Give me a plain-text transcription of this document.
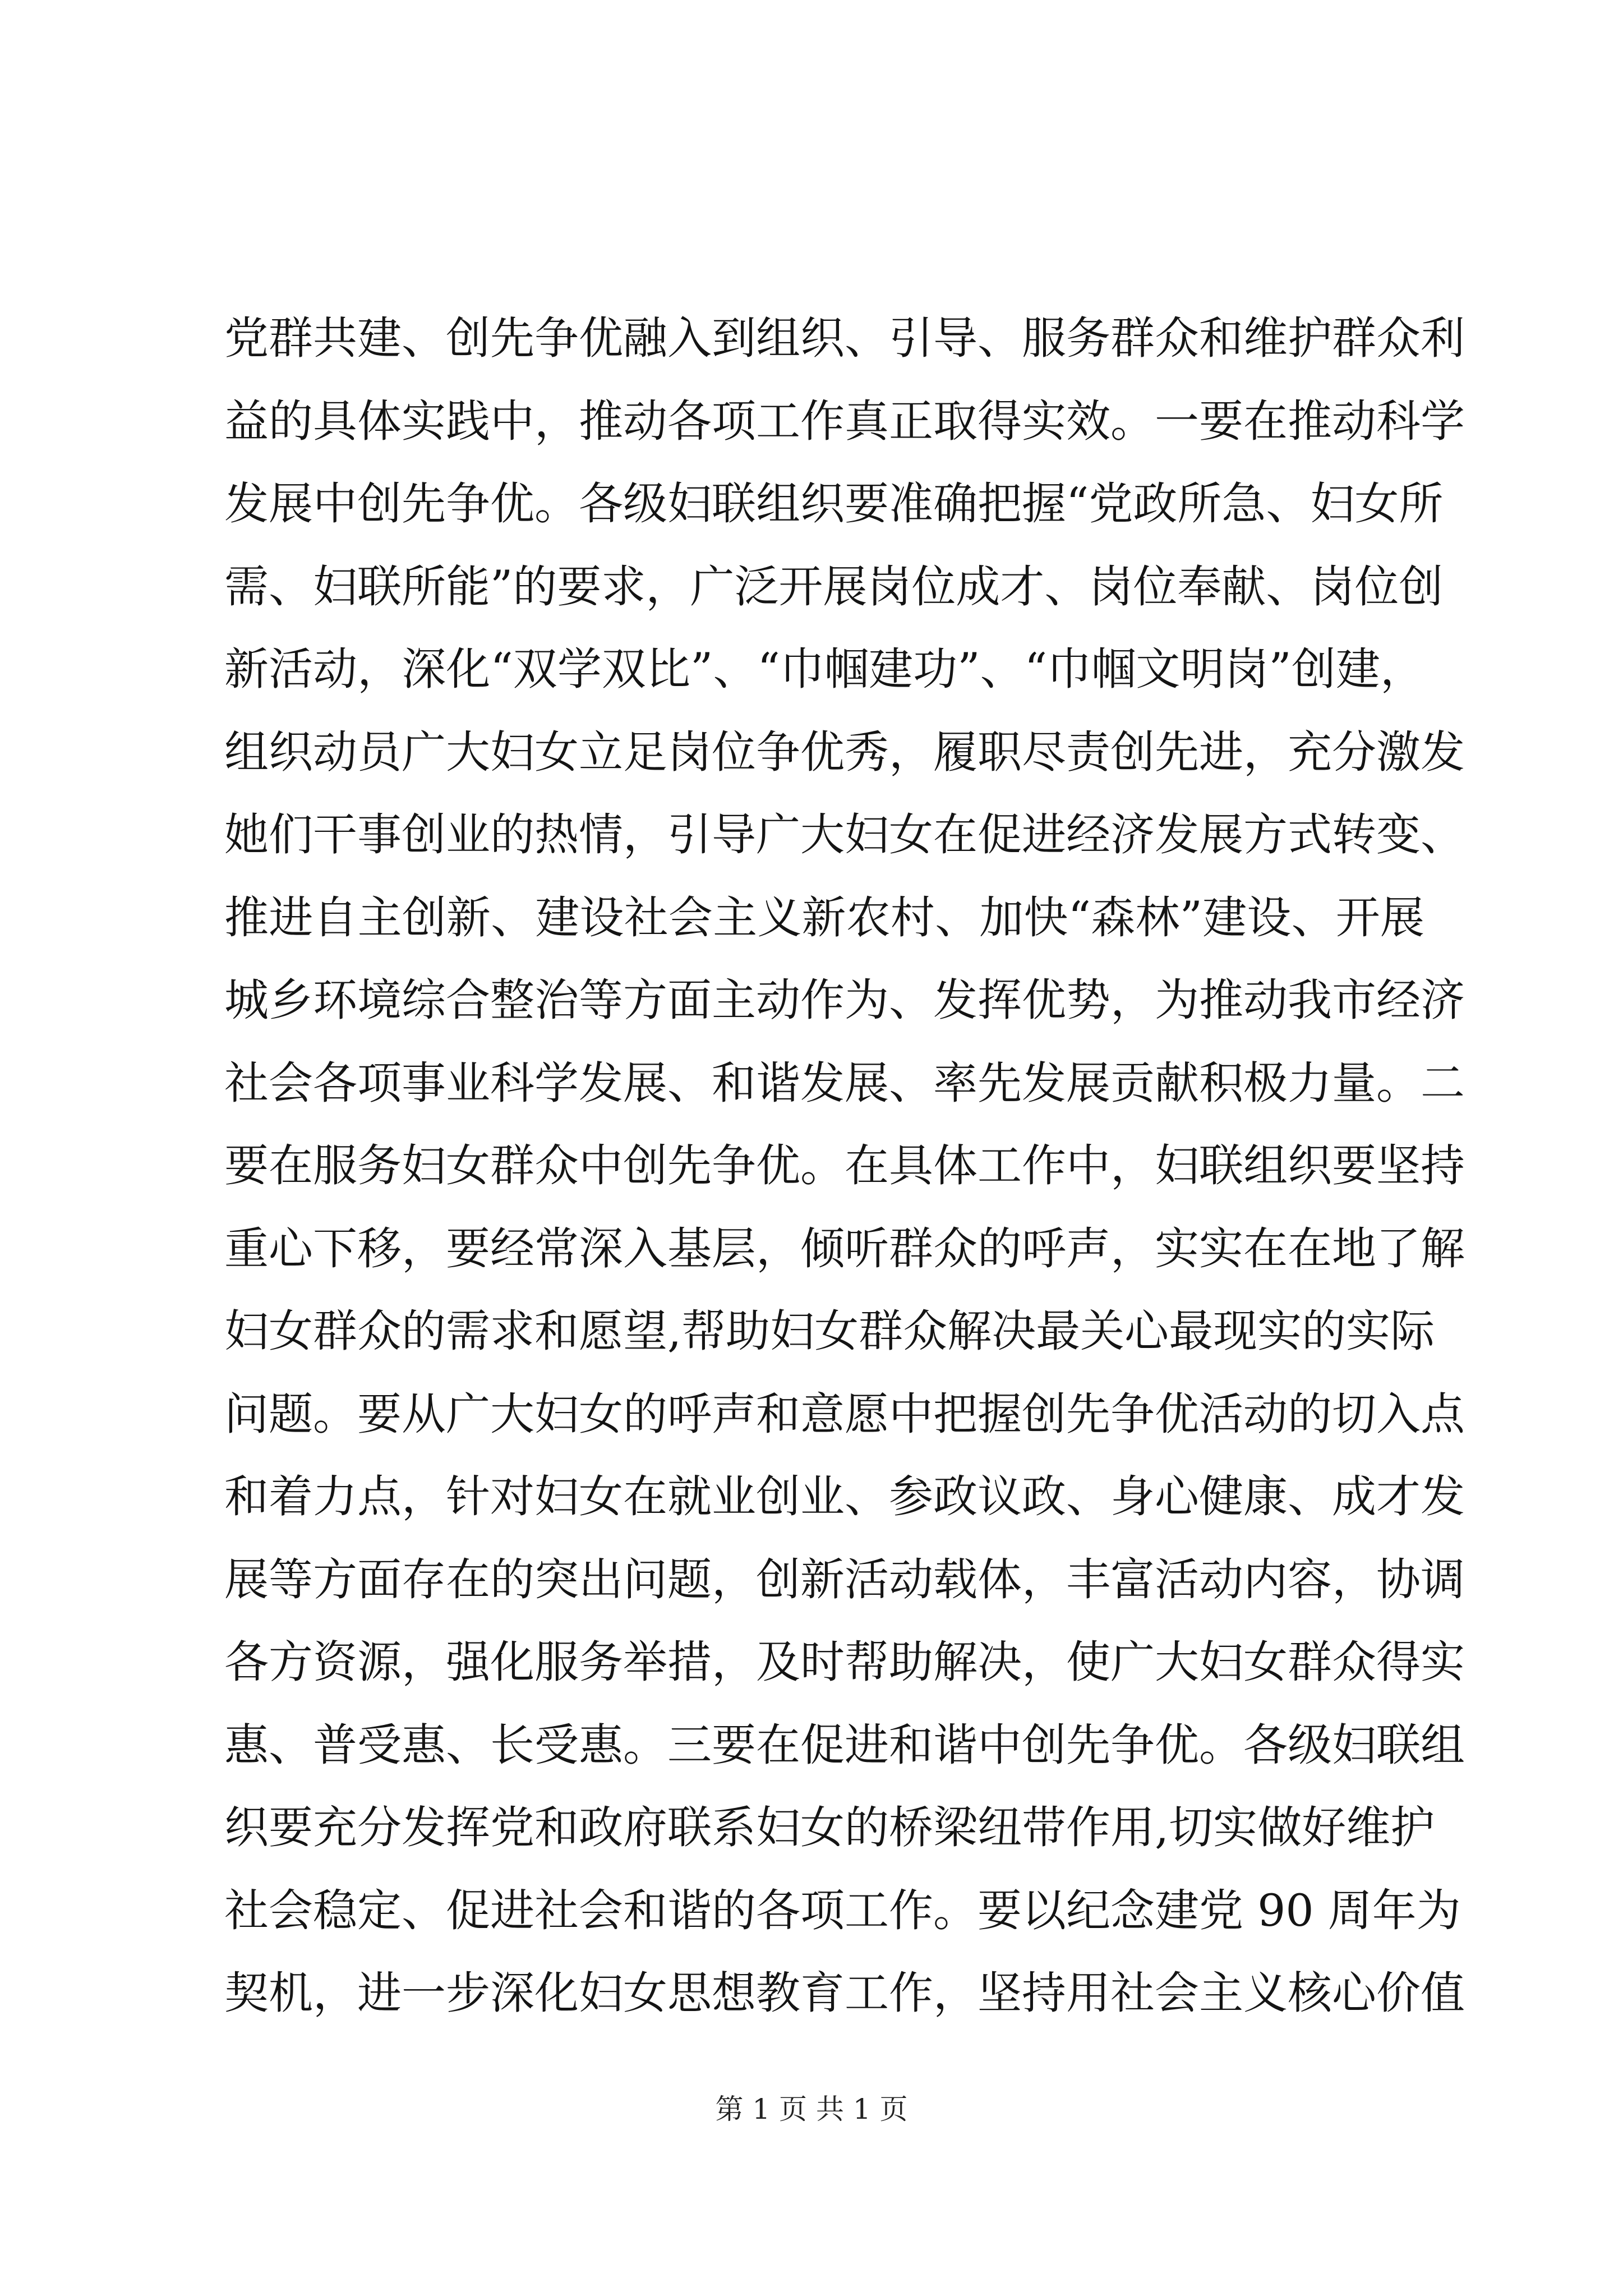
党群共建、创先争优融入到组织、引导、服务群众和维护群众利
益的具体实践中，推动各项工作真正取得实效。一要在推动科学
发展中创先争优。各级妇联组织要准确把握“党政所急、妇女所
需、妇联所能”的要求，广泛开展岗位成才、岗位奉献、岗位创
新活动，深化“双学双比”、“巾帼建功”、“巾帼文明岗”创建，
组织动员广大妇女立足岗位争优秀，履职尽责创先进，充分激发
她们干事创业的热情，引导广大妇女在促进经济发展方式转变、
推进自主创新、建设社会主义新农村、加快“森林”建设、开展
城乡环境综合整治等方面主动作为、发挥优势，为推动我市经济
社会各项事业科学发展、和谐发展、率先发展贡献积极力量。二
要在服务妇女群众中创先争优。在具体工作中，妇联组织要坚持
重心下移，要经常深入基层，倾听群众的呼声，实实在在地了解
妇女群众的需求和愿望,帮助妇女群众解决最关心最现实的实际
问题。要从广大妇女的呼声和意愿中把握创先争优活动的切入点
和着力点，针对妇女在就业创业、参政议政、身心健康、成才发
展等方面存在的突出问题，创新活动载体，丰富活动内容，协调
各方资源，强化服务举措，及时帮助解决，使广大妇女群众得实
惠、普受惠、长受惠。三要在促进和谐中创先争优。各级妇联组
织要充分发挥党和政府联系妇女的桥梁纽带作用,切实做好维护
社会稳定、促进社会和谐的各项工作。要以纪念建党 90 周年为
契机，进一步深化妇女思想教育工作，坚持用社会主义核心价值
第 1 页 共 1 页
